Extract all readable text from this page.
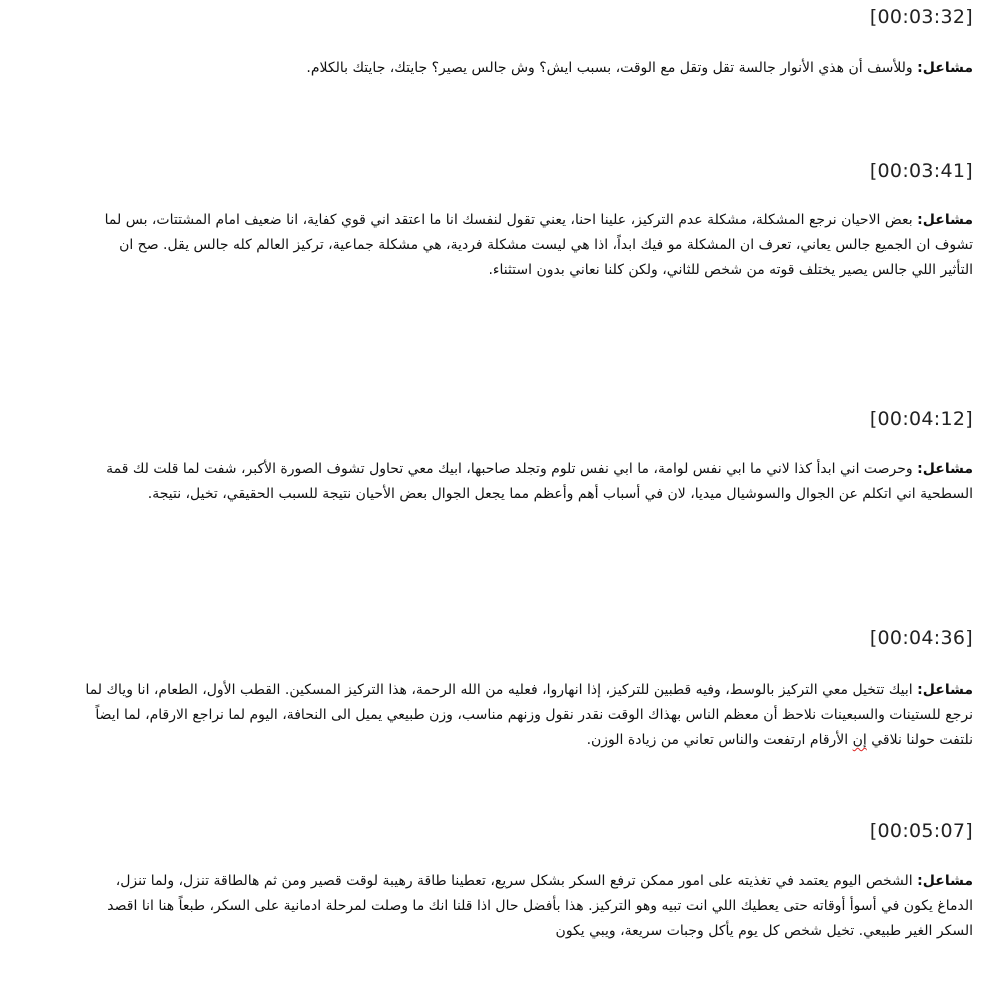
[00:03:32]
مشاعل: وللأسف أن هذي الأنوار جالسة تقل وتقل مع الوقت، بسبب ايش؟ وش جالس يصير؟ جايتك، جايتك بالكلام.
[00:03:41]
مشاعل: بعض الاحيان نرجع المشكلة، مشكلة عدم التركيز، علينا احنا، يعني تقول لنفسك انا ما اعتقد اني قوي كفاية، انا ضعيف امام المشتتات، بس لما تشوف ان الجميع جالس يعاني، تعرف ان المشكلة مو فيك ابداً، اذا هي ليست مشكلة فردية، هي مشكلة جماعية، تركيز العالم كله جالس يقل. صح ان التأثير اللي جالس يصير يختلف قوته من شخص للثاني، ولكن كلنا نعاني بدون استثناء.
[00:04:12]
مشاعل: وحرصت اني ابدأ كذا لاني ما ابي نفس لوامة، ما ابي نفس تلوم وتجلد صاحبها، ابيك معي تحاول تشوف الصورة الأكبر، شفت لما قلت لك قمة السطحية اني اتكلم عن الجوال والسوشيال ميديا، لان في أسباب أهم وأعظم مما يجعل الجوال بعض الأحيان نتيجة للسبب الحقيقي، تخيل، نتيجة.
[00:04:36]
مشاعل: ابيك تتخيل معي التركيز بالوسط، وفيه قطبين للتركيز، إذا انهاروا، فعليه من الله الرحمة، هذا التركيز المسكين. القطب الأول، الطعام، انا وياك لما نرجع للستينات والسبعينات نلاحظ أن معظم الناس بهذاك الوقت نقدر نقول وزنهم مناسب، وزن طبيعي يميل الى النحافة، اليوم لما نراجع الارقام، لما ايضاً نلتفت حولنا نلاقي إن الأرقام ارتفعت والناس تعاني من زيادة الوزن.
[00:05:07]
مشاعل: الشخص اليوم يعتمد في تغذيته على امور ممكن ترفع السكر بشكل سريع، تعطينا طاقة رهيبة لوقت قصير ومن ثم هالطاقة تنزل، ولما تنزل، الدماغ يكون في أسوأ أوقاته حتى يعطيك اللي انت تبيه وهو التركيز. هذا بأفضل حال اذا قلنا انك ما وصلت لمرحلة ادمانية على السكر، طبعاً هنا انا اقصد السكر الغير طبيعي. تخيل شخص كل يوم يأكل وجبات سريعة، ويبي يكون
